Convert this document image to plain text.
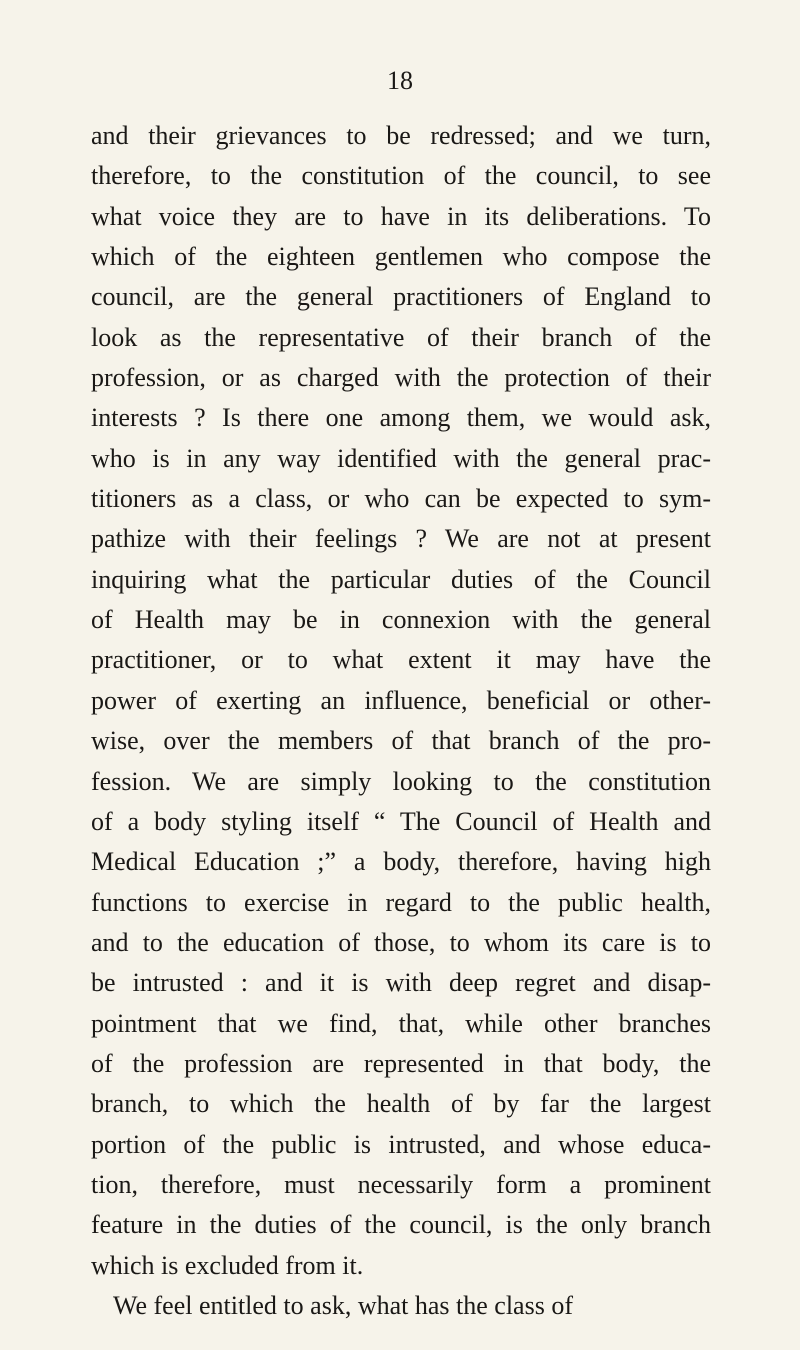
18
and their grievances to be redressed; and we turn,
therefore, to the constitution of the council, to see
what voice they are to have in its deliberations. To
which of the eighteen gentlemen who compose the
council, are the general practitioners of England to
look as the representative of their branch of the
profession, or as charged with the protection of their
interests ? Is there one among them, we would ask,
who is in any way identified with the general prac-
titioners as a class, or who can be expected to sym-
pathize with their feelings ? We are not at present
inquiring what the particular duties of the Council
of Health may be in connexion with the general
practitioner, or to what extent it may have the
power of exerting an influence, beneficial or other-
wise, over the members of that branch of the pro-
fession. We are simply looking to the constitution
of a body styling itself “ The Council of Health and
Medical Education ;” a body, therefore, having high
functions to exercise in regard to the public health,
and to the education of those, to whom its care is to
be intrusted : and it is with deep regret and disap-
pointment that we find, that, while other branches
of the profession are represented in that body, the
branch, to which the health of by far the largest
portion of the public is intrusted, and whose educa-
tion, therefore, must necessarily form a prominent
feature in the duties of the council, is the only branch
which is excluded from it.
We feel entitled to ask, what has the class of
